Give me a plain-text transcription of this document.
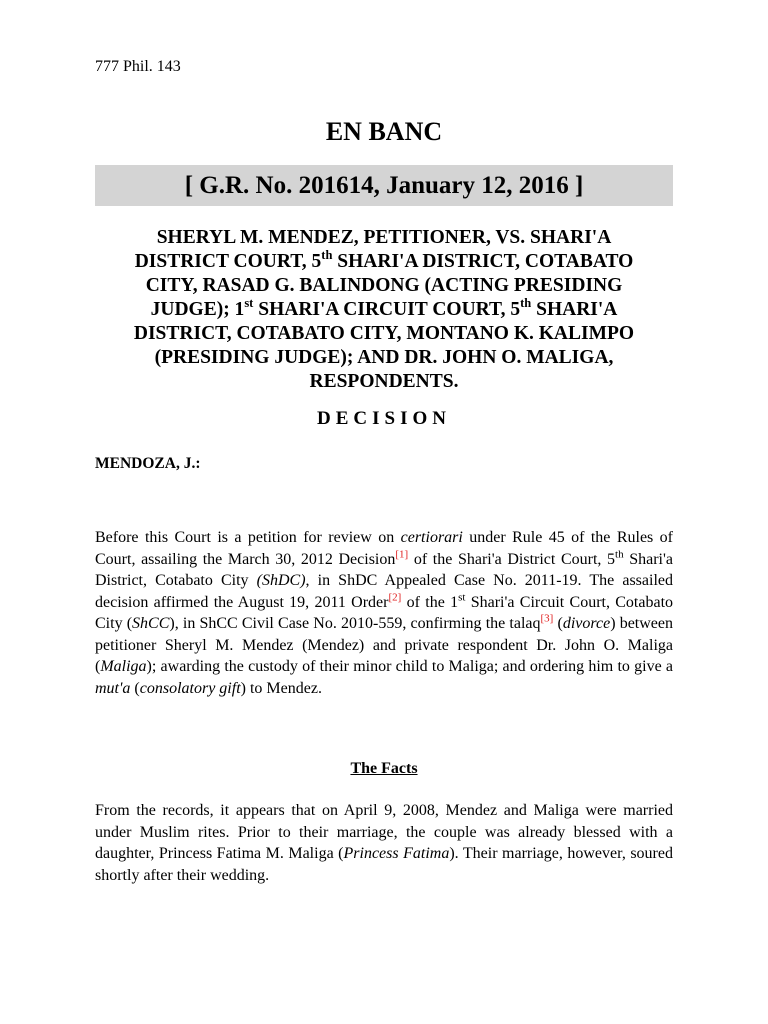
777 Phil. 143
EN BANC
[ G.R. No. 201614, January 12, 2016 ]
SHERYL M. MENDEZ, PETITIONER, VS. SHARI'A
DISTRICT COURT, 5th SHARI'A DISTRICT, COTABATO
CITY, RASAD G. BALINDONG (ACTING PRESIDING
JUDGE); 1st SHARI'A CIRCUIT COURT, 5th SHARI'A
DISTRICT, COTABATO CITY, MONTANO K. KALIMPO
(PRESIDING JUDGE); AND DR. JOHN O. MALIGA,
RESPONDENTS.
DECISION
MENDOZA, J.:
Before this Court is a petition for review on certiorari under Rule 45 of the Rules of Court, assailing the March 30, 2012 Decision[1] of the Shari'a District Court, 5th Shari'a District, Cotabato City (ShDC), in ShDC Appealed Case No. 2011-19. The assailed decision affirmed the August 19, 2011 Order[2] of the 1st Shari'a Circuit Court, Cotabato City (ShCC), in ShCC Civil Case No. 2010-559, confirming the talaq[3] (divorce) between petitioner Sheryl M. Mendez (Mendez) and private respondent Dr. John O. Maliga (Maliga); awarding the custody of their minor child to Maliga; and ordering him to give a mut'a (consolatory gift) to Mendez.
The Facts
From the records, it appears that on April 9, 2008, Mendez and Maliga were married under Muslim rites. Prior to their marriage, the couple was already blessed with a daughter, Princess Fatima M. Maliga (Princess Fatima). Their marriage, however, soured shortly after their wedding.
